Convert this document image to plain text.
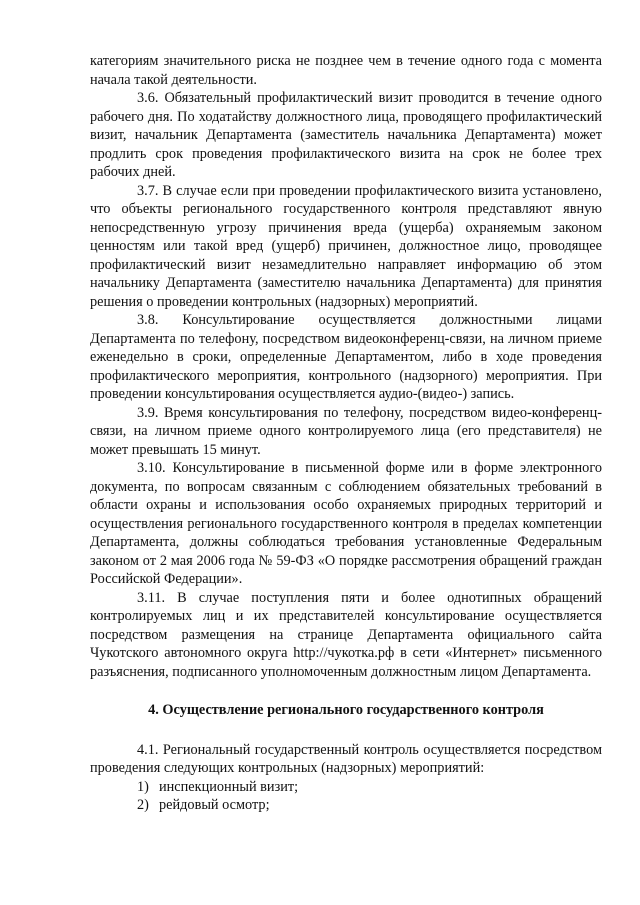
категориям значительного риска не позднее чем в течение одного года с момента начала такой деятельности.

3.6. Обязательный профилактический визит проводится в течение одного рабочего дня. По ходатайству должностного лица, проводящего профилактический визит, начальник Департамента (заместитель начальника Департамента) может продлить срок проведения профилактического визита на срок не более трех рабочих дней.

3.7. В случае если при проведении профилактического визита установлено, что объекты регионального государственного контроля представляют явную непосредственную угрозу причинения вреда (ущерба) охраняемым законом ценностям или такой вред (ущерб) причинен, должностное лицо, проводящее профилактический визит незамедлительно направляет информацию об этом начальнику Департамента (заместителю начальника Департамента) для принятия решения о проведении контрольных (надзорных) мероприятий.

3.8. Консультирование осуществляется должностными лицами Департамента по телефону, посредством видеоконференц-связи, на личном приеме еженедельно в сроки, определенные Департаментом, либо в ходе проведения профилактического мероприятия, контрольного (надзорного) мероприятия. При проведении консультирования осуществляется аудио-(видео-) запись.

3.9. Время консультирования по телефону, посредством видео-конференц-связи, на личном приеме одного контролируемого лица (его представителя) не может превышать 15 минут.

3.10. Консультирование в письменной форме или в форме электронного документа, по вопросам связанным с соблюдением обязательных требований в области охраны и использования особо охраняемых природных территорий и осуществления регионального государственного контроля в пределах компетенции Департамента, должны соблюдаться требования установленные Федеральным законом от 2 мая 2006 года № 59-ФЗ «О порядке рассмотрения обращений граждан Российской Федерации».

3.11. В случае поступления пяти и более однотипных обращений контролируемых лиц и их представителей консультирование осуществляется посредством размещения на странице Департамента официального сайта Чукотского автономного округа http://чукотка.рф в сети «Интернет» письменного разъяснения, подписанного уполномоченным должностным лицом Департамента.

4. Осуществление регионального государственного контроля

4.1. Региональный государственный контроль осуществляется посредством проведения следующих контрольных (надзорных) мероприятий:

1) инспекционный визит;
2) рейдовый осмотр;
